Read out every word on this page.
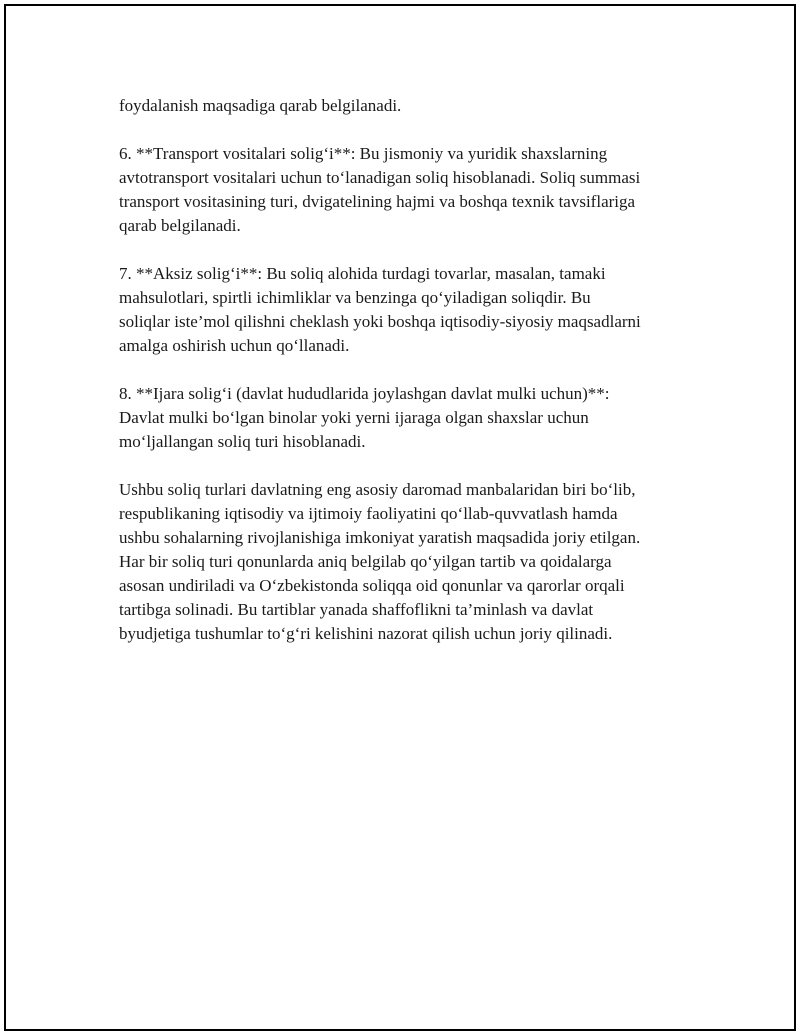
foydalanish maqsadiga qarab belgilanadi.

6. **Transport vositalari soligʻi**: Bu jismoniy va yuridik shaxslarning
avtotransport vositalari uchun toʻlanadigan soliq hisoblanadi. Soliq summasi
transport vositasining turi, dvigatelining hajmi va boshqa texnik tavsiflariga
qarab belgilanadi.

7. **Aksiz soligʻi**: Bu soliq alohida turdagi tovarlar, masalan, tamaki
mahsulotlari, spirtli ichimliklar va benzinga qoʻyiladigan soliqdir. Bu
soliqlar iste’mol qilishni cheklash yoki boshqa iqtisodiy-siyosiy maqsadlarni
amalga oshirish uchun qoʻllanadi.

8. **Ijara soligʻi (davlat hududlarida joylashgan davlat mulki uchun)**:
Davlat mulki boʻlgan binolar yoki yerni ijaraga olgan shaxslar uchun
moʻljallangan soliq turi hisoblanadi.

Ushbu soliq turlari davlatning eng asosiy daromad manbalaridan biri boʻlib,
respublikaning iqtisodiy va ijtimoiy faoliyatini qoʻllab-quvvatlash hamda
ushbu sohalarning rivojlanishiga imkoniyat yaratish maqsadida joriy etilgan.
Har bir soliq turi qonunlarda aniq belgilab qoʻyilgan tartib va qoidalarga
asosan undiriladi va Oʻzbekistonda soliqqa oid qonunlar va qarorlar orqali
tartibga solinadi. Bu tartiblar yanada shaffoflikni ta’minlash va davlat
byudjetiga tushumlar toʻgʻri kelishini nazorat qilish uchun joriy qilinadi.
